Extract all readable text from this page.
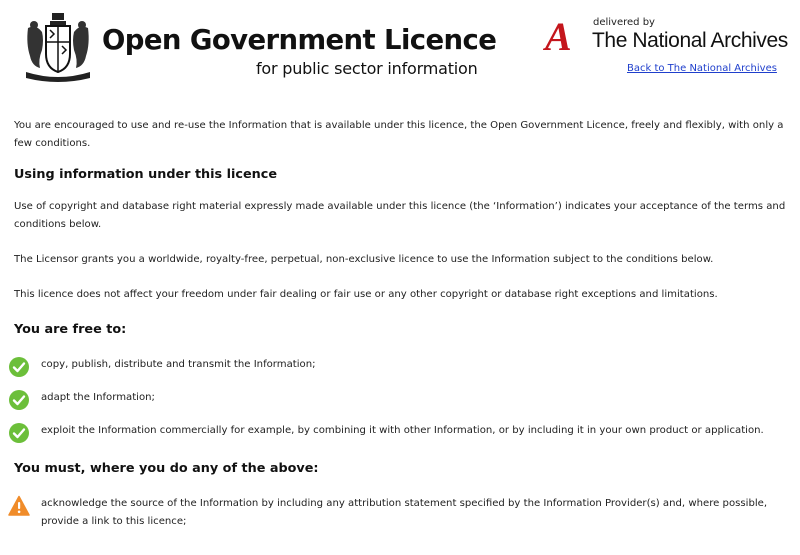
Open Government Licence
for public sector information
A delivered by
The National Archives
Back to The National Archives

You are encouraged to use and re-use the Information that is available under this licence, the Open Government Licence, freely and flexibly, with only a few conditions.

Using information under this licence

Use of copyright and database right material expressly made available under this licence (the ‘Information’) indicates your acceptance of the terms and conditions below.

The Licensor grants you a worldwide, royalty-free, perpetual, non-exclusive licence to use the Information subject to the conditions below.

This licence does not affect your freedom under fair dealing or fair use or any other copyright or database right exceptions and limitations.

You are free to:
copy, publish, distribute and transmit the Information;
adapt the Information;
exploit the Information commercially for example, by combining it with other Information, or by including it in your own product or application.
You must, where you do any of the above:
acknowledge the source of the Information by including any attribution statement specified by the Information Provider(s) and, where possible, provide a link to this licence;
